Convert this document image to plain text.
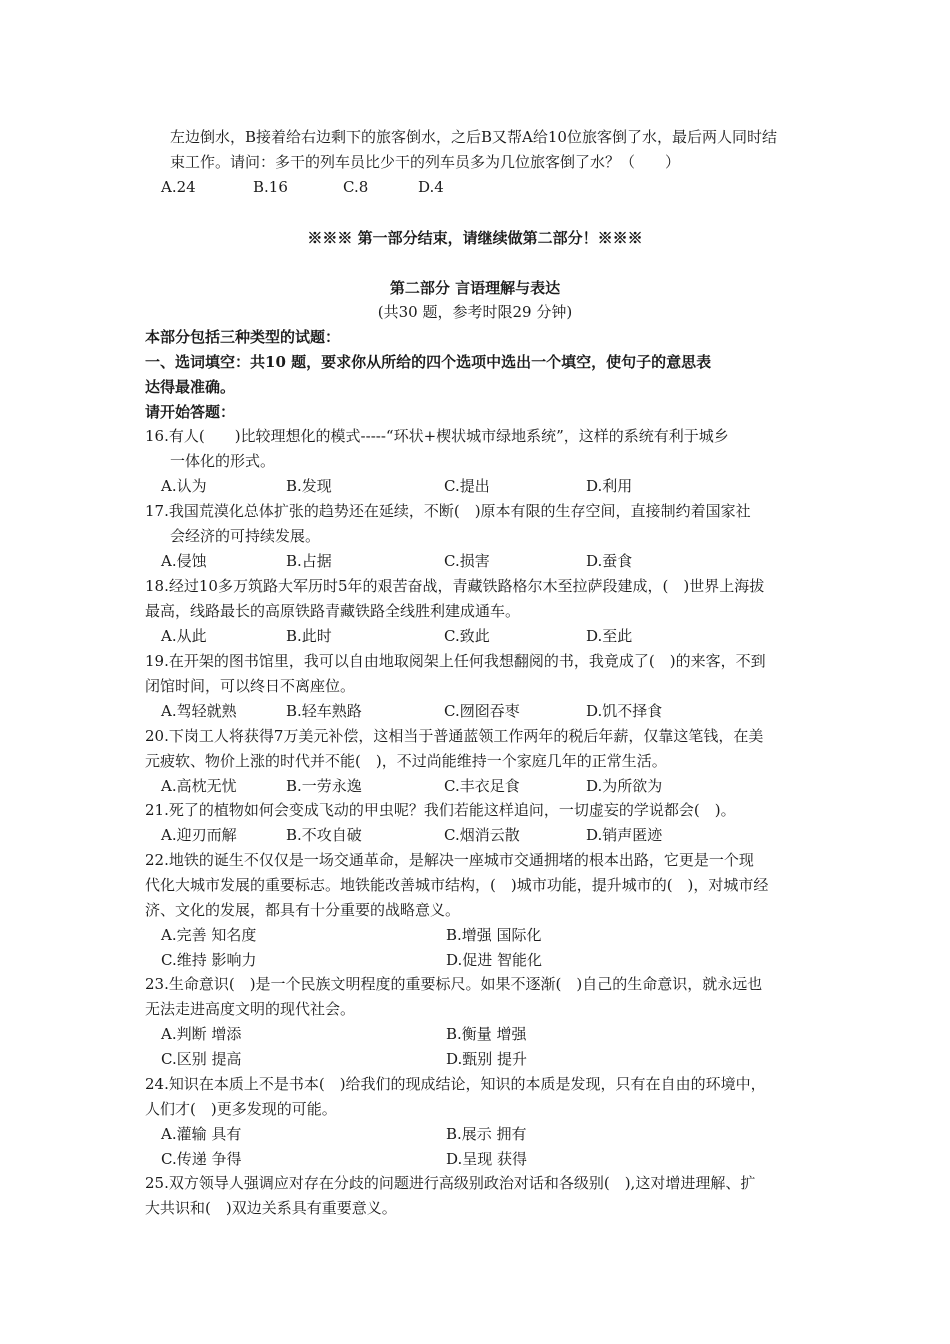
左边倒水，B接着给右边剩下的旅客倒水，之后B又帮A给10位旅客倒了水，最后两人同时结
束工作。请问：多干的列车员比少干的列车员多为几位旅客倒了水？（　　）
A.24	B.16	C.8	D.4
※※※ 第一部分结束，请继续做第二部分！※※※
第二部分 言语理解与表达
(共30 题，参考时限29 分钟)
本部分包括三种类型的试题：
一、选词填空：共10 题，要求你从所给的四个选项中选出一个填空，使句子的意思表
达得最准确。
请开始答题：
16.有人(　　)比较理想化的模式-----“环状+楔状城市绿地系统”，这样的系统有利于城乡
一体化的形式。
A.认为	B.发现	C.提出	D.利用
17.我国荒漠化总体扩张的趋势还在延续，不断(　)原本有限的生存空间，直接制约着国家社
会经济的可持续发展。
A.侵蚀	B.占据	C.损害	D.蚕食
18.经过10多万筑路大军历时5年的艰苦奋战，青藏铁路格尔木至拉萨段建成，(　)世界上海拔
最高，线路最长的高原铁路青藏铁路全线胜利建成通车。
A.从此	B.此时	C.致此	D.至此
19.在开架的图书馆里，我可以自由地取阅架上任何我想翻阅的书，我竟成了(　)的来客，不到
闭馆时间，可以终日不离座位。
A.驾轻就熟	B.轻车熟路	C.囫囵吞枣	D.饥不择食
20.下岗工人将获得7万美元补偿，这相当于普通蓝领工作两年的税后年薪，仅靠这笔钱，在美
元疲软、物价上涨的时代并不能(　)，不过尚能维持一个家庭几年的正常生活。
A.高枕无忧	B.一劳永逸	C.丰衣足食	D.为所欲为
21.死了的植物如何会变成飞动的甲虫呢？我们若能这样追问，一切虚妄的学说都会(　)。
A.迎刃而解	B.不攻自破	C.烟消云散	D.销声匿迹
22.地铁的诞生不仅仅是一场交通革命，是解决一座城市交通拥堵的根本出路，它更是一个现
代化大城市发展的重要标志。地铁能改善城市结构，(　)城市功能，提升城市的(　)，对城市经
济、文化的发展，都具有十分重要的战略意义。
A.完善 知名度	B.增强 国际化
C.维持 影响力	D.促进 智能化
23.生命意识(　)是一个民族文明程度的重要标尺。如果不逐渐(　)自己的生命意识，就永远也
无法走进高度文明的现代社会。
A.判断 增添	B.衡量 增强
C.区别 提高	D.甄别 提升
24.知识在本质上不是书本(　)给我们的现成结论，知识的本质是发现，只有在自由的环境中，
人们才(　)更多发现的可能。
A.灌输 具有	B.展示 拥有
C.传递 争得	D.呈现 获得
25.双方领导人强调应对存在分歧的问题进行高级别政治对话和各级别(　),这对增进理解、扩
大共识和(　)双边关系具有重要意义。
